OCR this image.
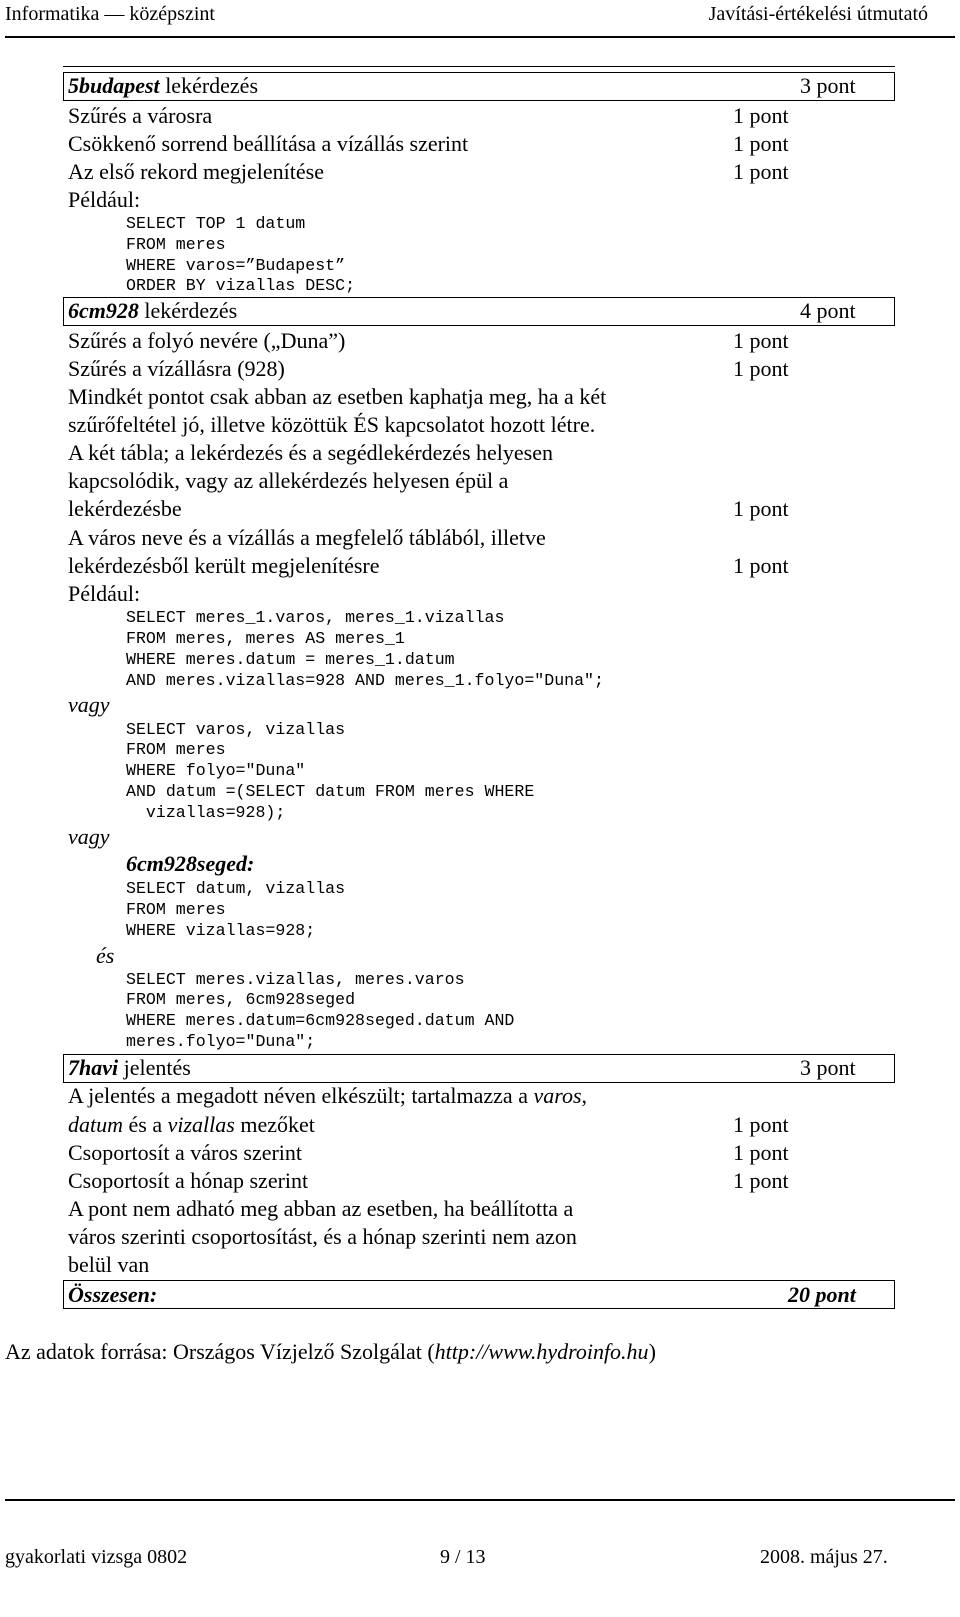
Informatika — középszint	Javítási-értékelési útmutató
5budapest lekérdezés	3 pont
Szűrés a városra	1 pont
Csökkenő sorrend beállítása a vízállás szerint	1 pont
Az első rekord megjelenítése	1 pont
Például:
SELECT TOP 1 datum
FROM meres
WHERE varos=”Budapest”
ORDER BY vizallas DESC;
6cm928 lekérdezés	4 pont
Szűrés a folyó nevére („Duna”)	1 pont
Szűrés a vízállásra (928)	1 pont
Mindkét pontot csak abban az esetben kaphatja meg, ha a két
szűrőfeltétel jó, illetve közöttük ÉS kapcsolatot hozott létre.
A két tábla; a lekérdezés és a segédlekérdezés helyesen
kapcsolódik, vagy az allekérdezés helyesen épül a
lekérdezésbe	1 pont
A város neve és a vízállás a megfelelő táblából, illetve
lekérdezésből került megjelenítésre	1 pont
Például:
SELECT meres_1.varos, meres_1.vizallas
FROM meres, meres AS meres_1
WHERE meres.datum = meres_1.datum
AND meres.vizallas=928 AND meres_1.folyo="Duna";
vagy
SELECT varos, vizallas
FROM meres
WHERE folyo="Duna"
AND datum =(SELECT datum FROM meres WHERE
vizallas=928);
vagy
6cm928seged:
SELECT datum, vizallas
FROM meres
WHERE vizallas=928;
és
SELECT meres.vizallas, meres.varos
FROM meres, 6cm928seged
WHERE meres.datum=6cm928seged.datum AND
meres.folyo="Duna";
7havi jelentés	3 pont
A jelentés a megadott néven elkészült; tartalmazza a varos,
datum és a vizallas mezőket	1 pont
Csoportosít a város szerint	1 pont
Csoportosít a hónap szerint	1 pont
A pont nem adható meg abban az esetben, ha beállította a
város szerinti csoportosítást, és a hónap szerinti nem azon
belül van
Összesen:	20 pont
Az adatok forrása: Országos Vízjelző Szolgálat (http://www.hydroinfo.hu)
gyakorlati vizsga 0802	9 / 13	2008. május 27.
